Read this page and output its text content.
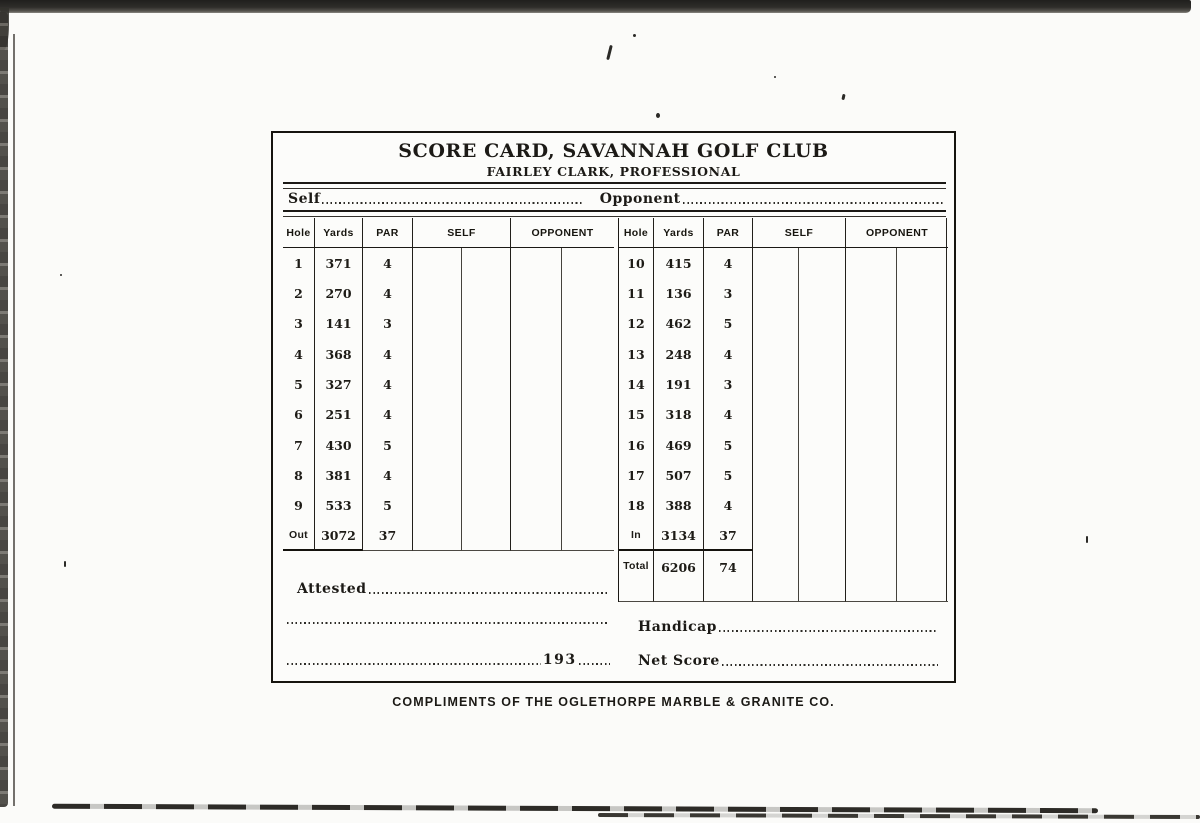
SCORE CARD, SAVANNAH GOLF CLUB
FAIRLEY CLARK, PROFESSIONAL
Self	Opponent
Hole	Yards	PAR	SELF	OPPONENT
1	371	4
2	270	4
3	141	3
4	368	4
5	327	4
6	251	4
7	430	5
8	381	4
9	533	5
Out	3072	37
Hole	Yards	PAR	SELF	OPPONENT
10	415	4
11	136	3
12	462	5
13	248	4
14	191	3
15	318	4
16	469	5
17	507	5
18	388	4
In	3134	37
Total 6206	74
Attested
193
Handicap
Net Score
COMPLIMENTS OF THE OGLETHORPE MARBLE & GRANITE CO.
